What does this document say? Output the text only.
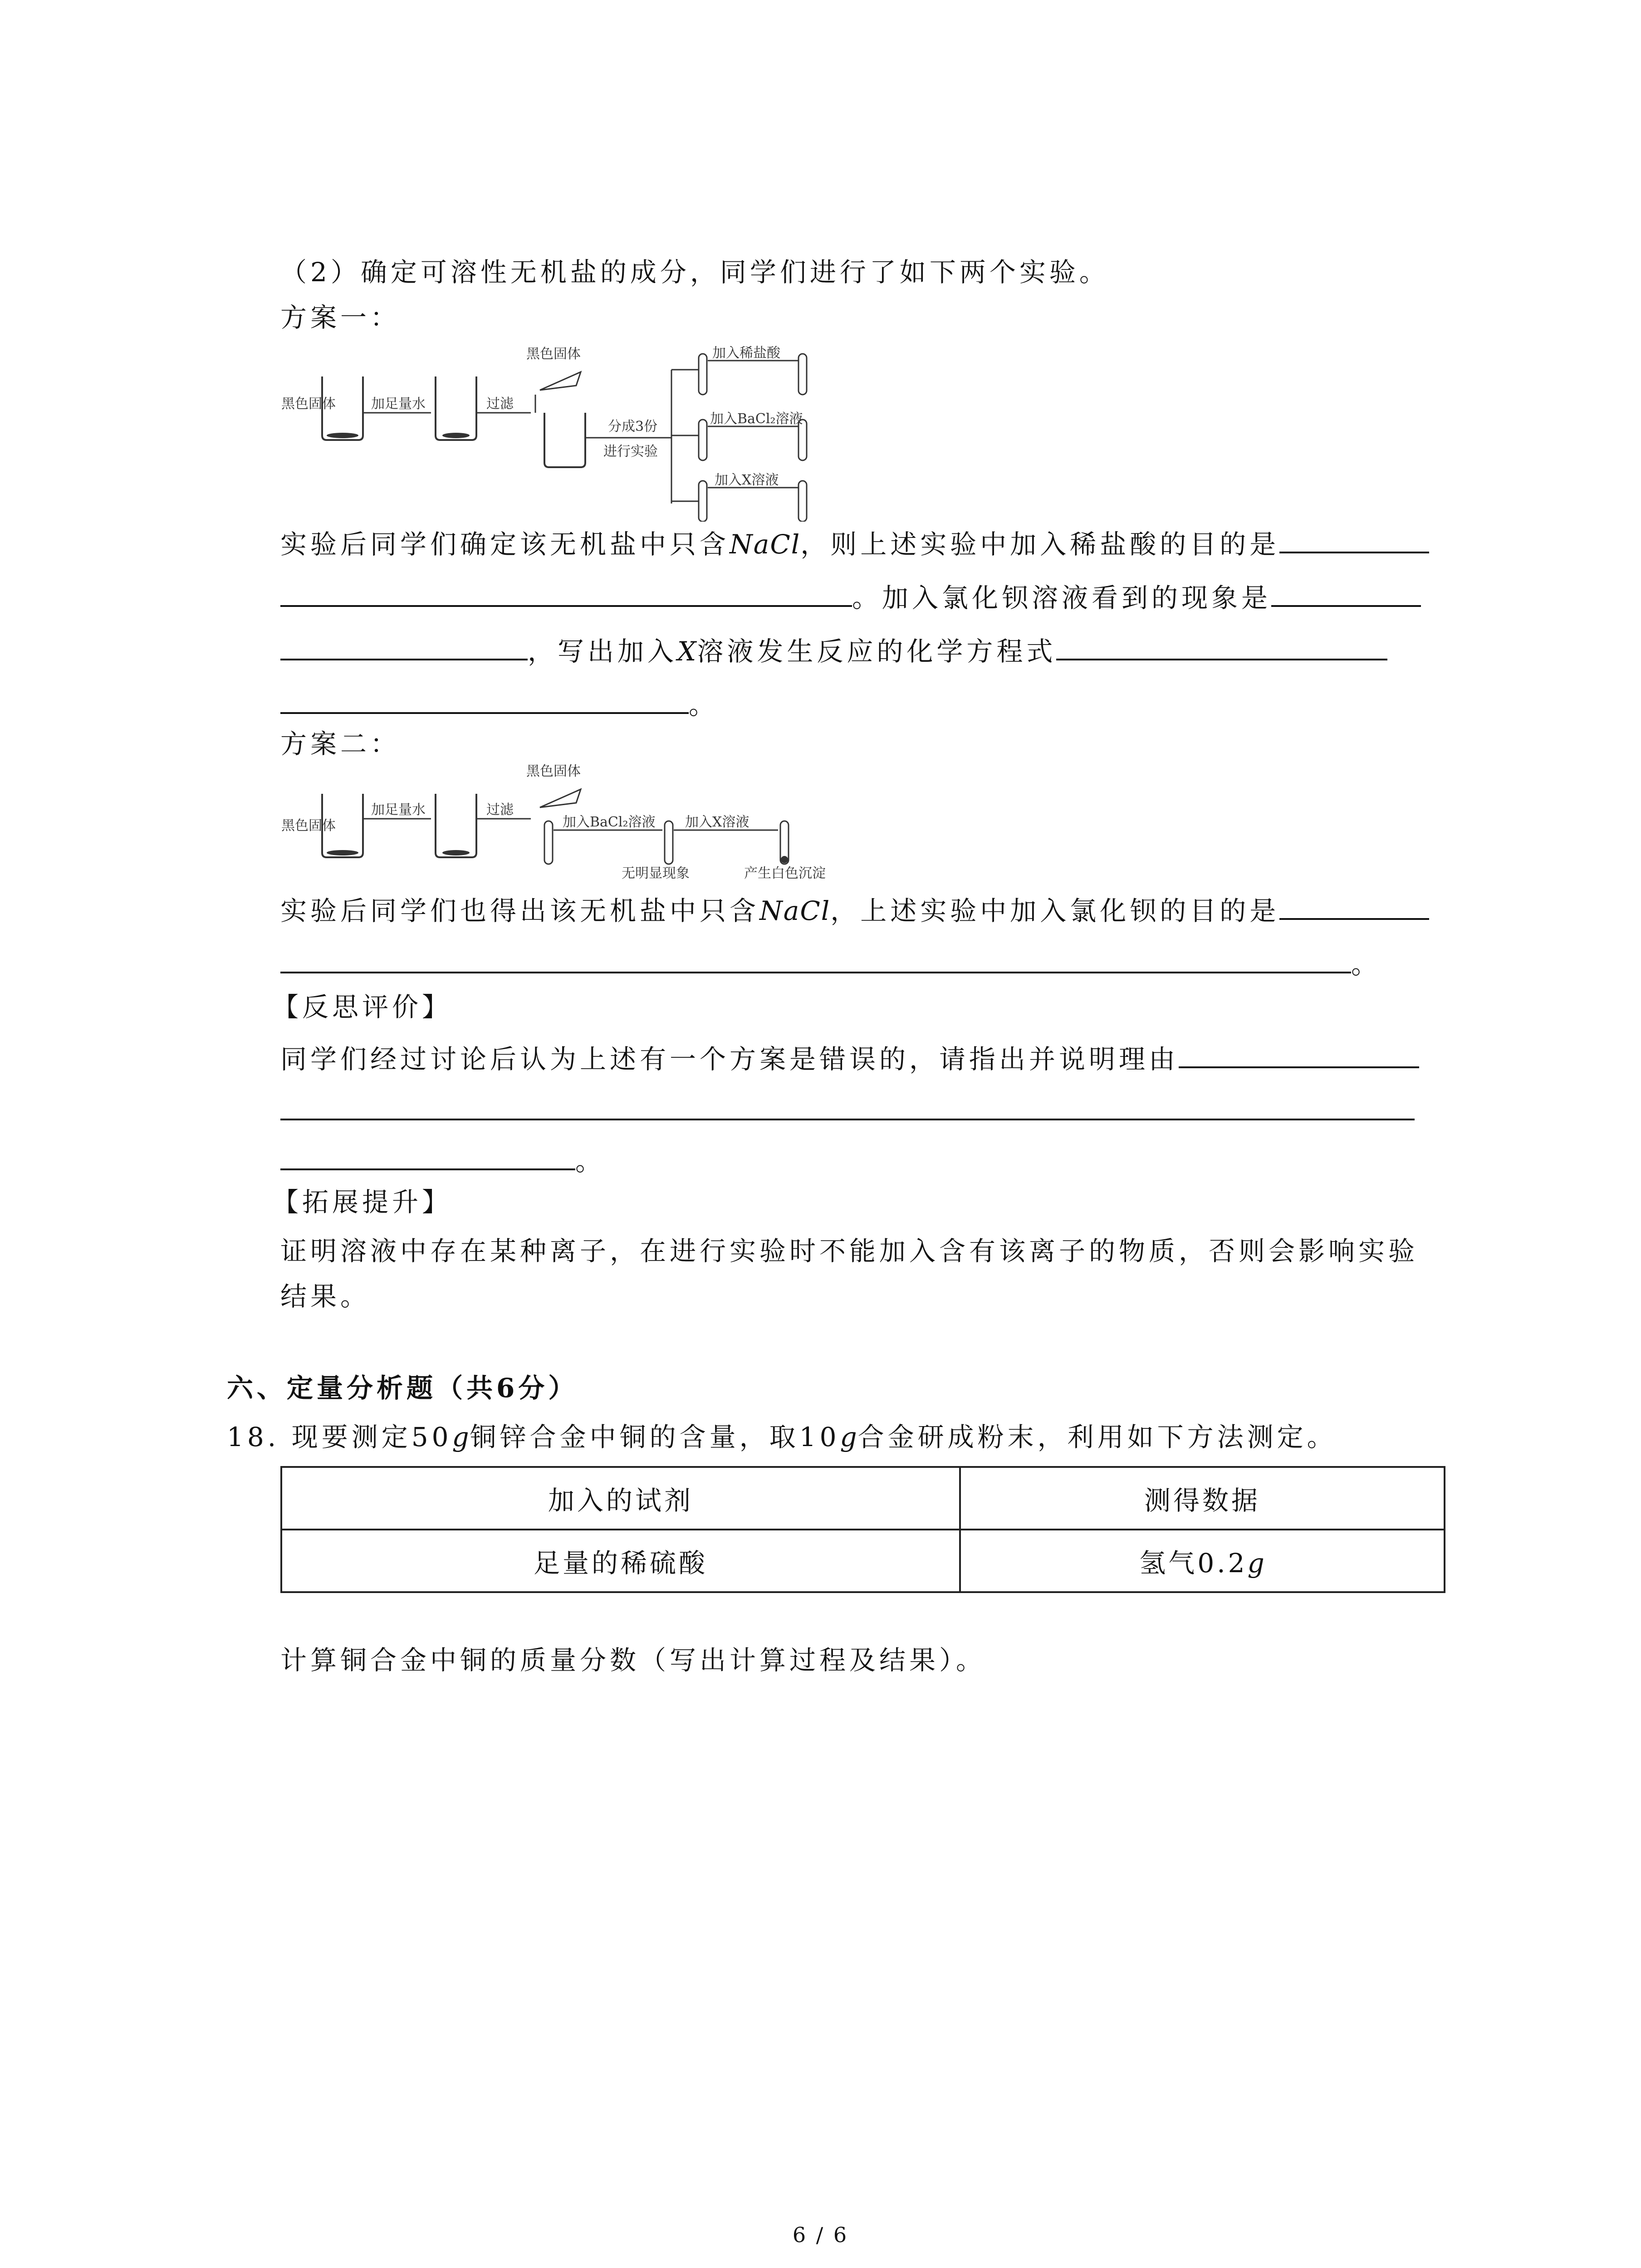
（2）确定可溶性无机盐的成分，同学们进行了如下两个实验。
方案一：
黑色固体	加足量水	过滤
黑色固体
分成3份
进行实验
加入稀盐酸
加入BaCl₂溶液
加入X溶液
实验后同学们确定该无机盐中只含NaCl，则上述实验中加入稀盐酸的目的是
。加入氯化钡溶液看到的现象是
，写出加入X溶液发生反应的化学方程式
。
方案二：
黑色固体
加足量水	过滤
黑色固体
加入BaCl₂溶液 加入X溶液
无明显现象	产生白色沉淀
实验后同学们也得出该无机盐中只含NaCl，上述实验中加入氯化钡的目的是
。
【反思评价】
同学们经过讨论后认为上述有一个方案是错误的，请指出并说明理由
。
【拓展提升】
证明溶液中存在某种离子，在进行实验时不能加入含有该离子的物质，否则会影响实验
结果。
六、定量分析题（共6分）
18. 现要测定50g铜锌合金中铜的含量，取10g合金研成粉末，利用如下方法测定。
加入的试剂	测得数据
足量的稀硫酸	氢气0.2g
计算铜合金中铜的质量分数（写出计算过程及结果）。
6 / 6
